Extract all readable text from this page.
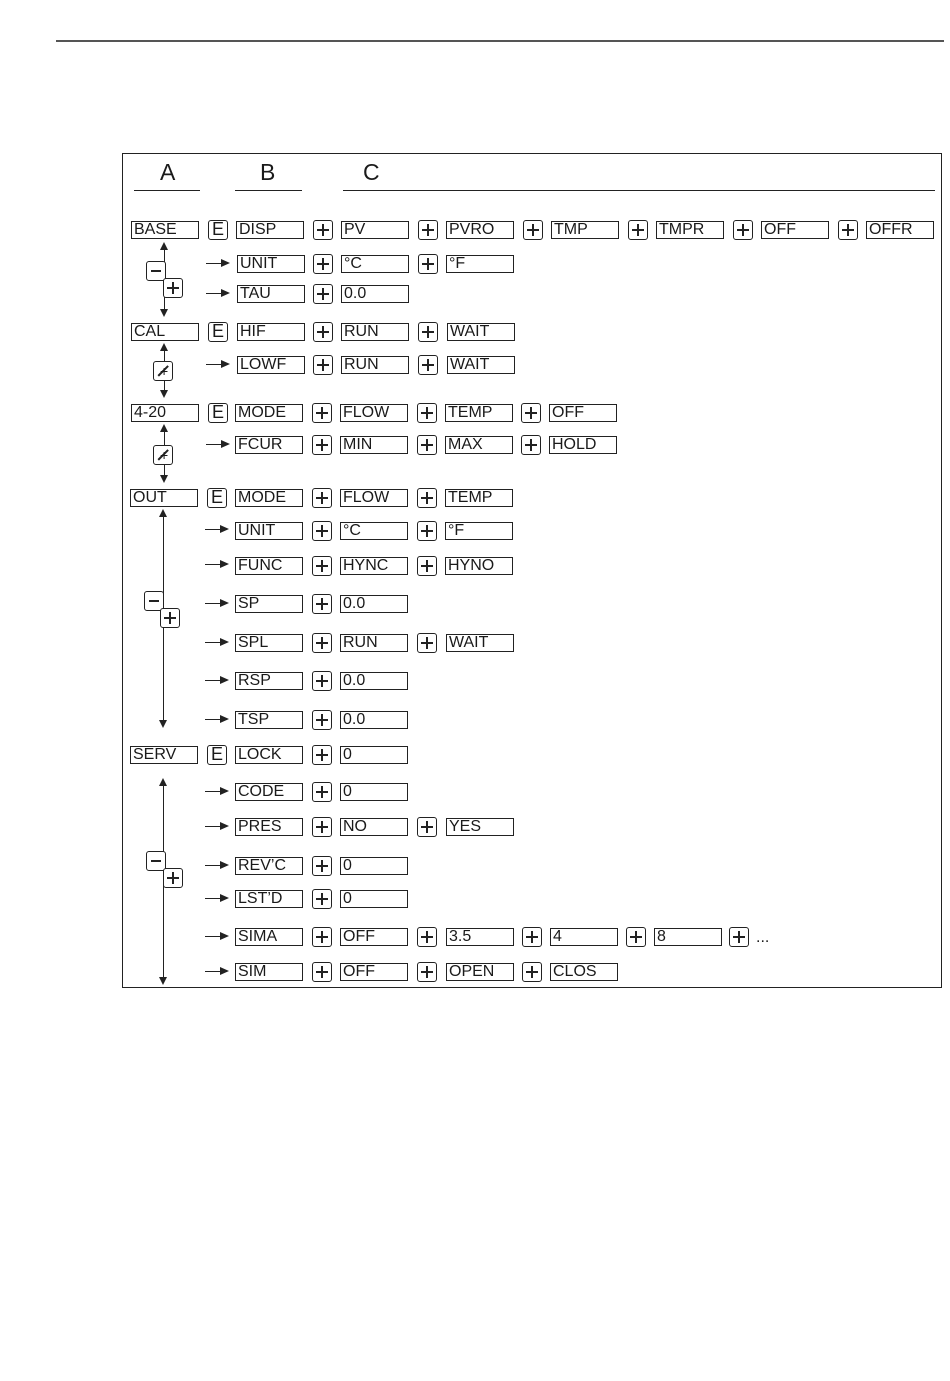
A	B	C
BASE	E DISP	PV	PVRO	TMP	TMPR	OFF	OFFR
UNIT	°C	°F
TAU	0.0
CAL	E HIF	RUN	WAIT
+
LOWF	RUN	WAIT
4-20	E MODE	FLOW	TEMP	OFF
+
FCUR	MIN	MAX	HOLD
OUT	E MODE	FLOW	TEMP
UNIT	°C	°F
FUNC	HYNC	HYNO
SP	0.0
SPL	RUN	WAIT
RSP	0.0
TSP	0.0
SERV	E LOCK	0
CODE	0
PRES	NO	YES
REV’C	0
LST’D	0
SIMA	OFF	3.5	4	8	...
SIM	OFF	OPEN	CLOS
